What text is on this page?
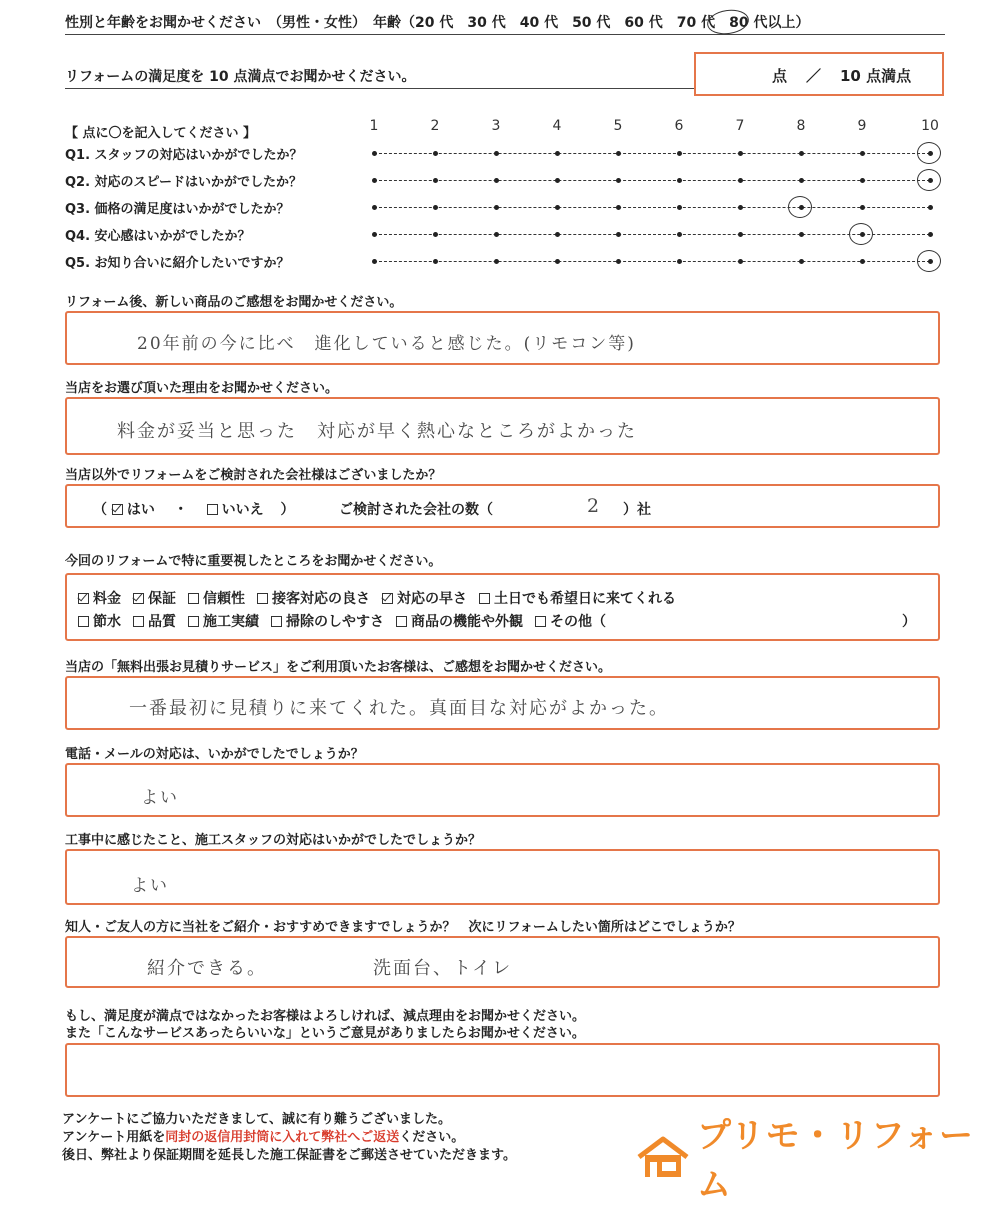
性別と年齢をお聞かせください　（男性・女性）　年齢（20 代　30 代　40 代　50 代　60 代　70 代　80 代以上）
リフォームの満足度を 10 点満点でお聞かせください。	点 ／ 10 点満点
【 点に〇を記入してください 】	1	2	3	4	5	6	7	8	9	10
Q1. スタッフの対応はいかがでしたか？
Q2. 対応のスピードはいかがでしたか？
Q3. 価格の満足度はいかがでしたか？
Q4. 安心感はいかがでしたか？
Q5. お知り合いに紹介したいですか？
リフォーム後、新しい商品のご感想をお聞かせください。
20年前の今に比べ　進化していると感じた。(リモコン等)
当店をお選び頂いた理由をお聞かせください。
料金が妥当と思った　対応が早く熱心なところがよかった
当店以外でリフォームをご検討された会社様はございましたか？
（ はい ・ いいえ ）	ご検討された会社の数（	2 ）社
今回のリフォームで特に重要視したところをお聞かせください。
料金 保証 信頼性 接客対応の良さ 対応の早さ 土日でも希望日に来てくれる
節水 品質 施工実績 掃除のしやすさ 商品の機能や外観 その他（	）
当店の「無料出張お見積りサービス」をご利用頂いたお客様は、ご感想をお聞かせください。
一番最初に見積りに来てくれた。真面目な対応がよかった。
電話・メールの対応は、いかがでしたでしょうか？
よい
工事中に感じたこと、施工スタッフの対応はいかがでしたでしょうか？
よい
知人・ご友人の方に当社をご紹介・おすすめできますでしょうか？　次にリフォームしたい箇所はどこでしょうか？
紹介できる。	洗面台、トイレ
もし、満足度が満点ではなかったお客様はよろしければ、減点理由をお聞かせください。
また「こんなサービスあったらいいな」というご意見がありましたらお聞かせください。
アンケートにご協力いただきまして、誠に有り難うございました。
アンケート用紙を同封の返信用封筒に入れて弊社へご返送ください。
後日、弊社より保証期間を延長した施工保証書をご郵送させていただきます。	プリモ・リフォーム
